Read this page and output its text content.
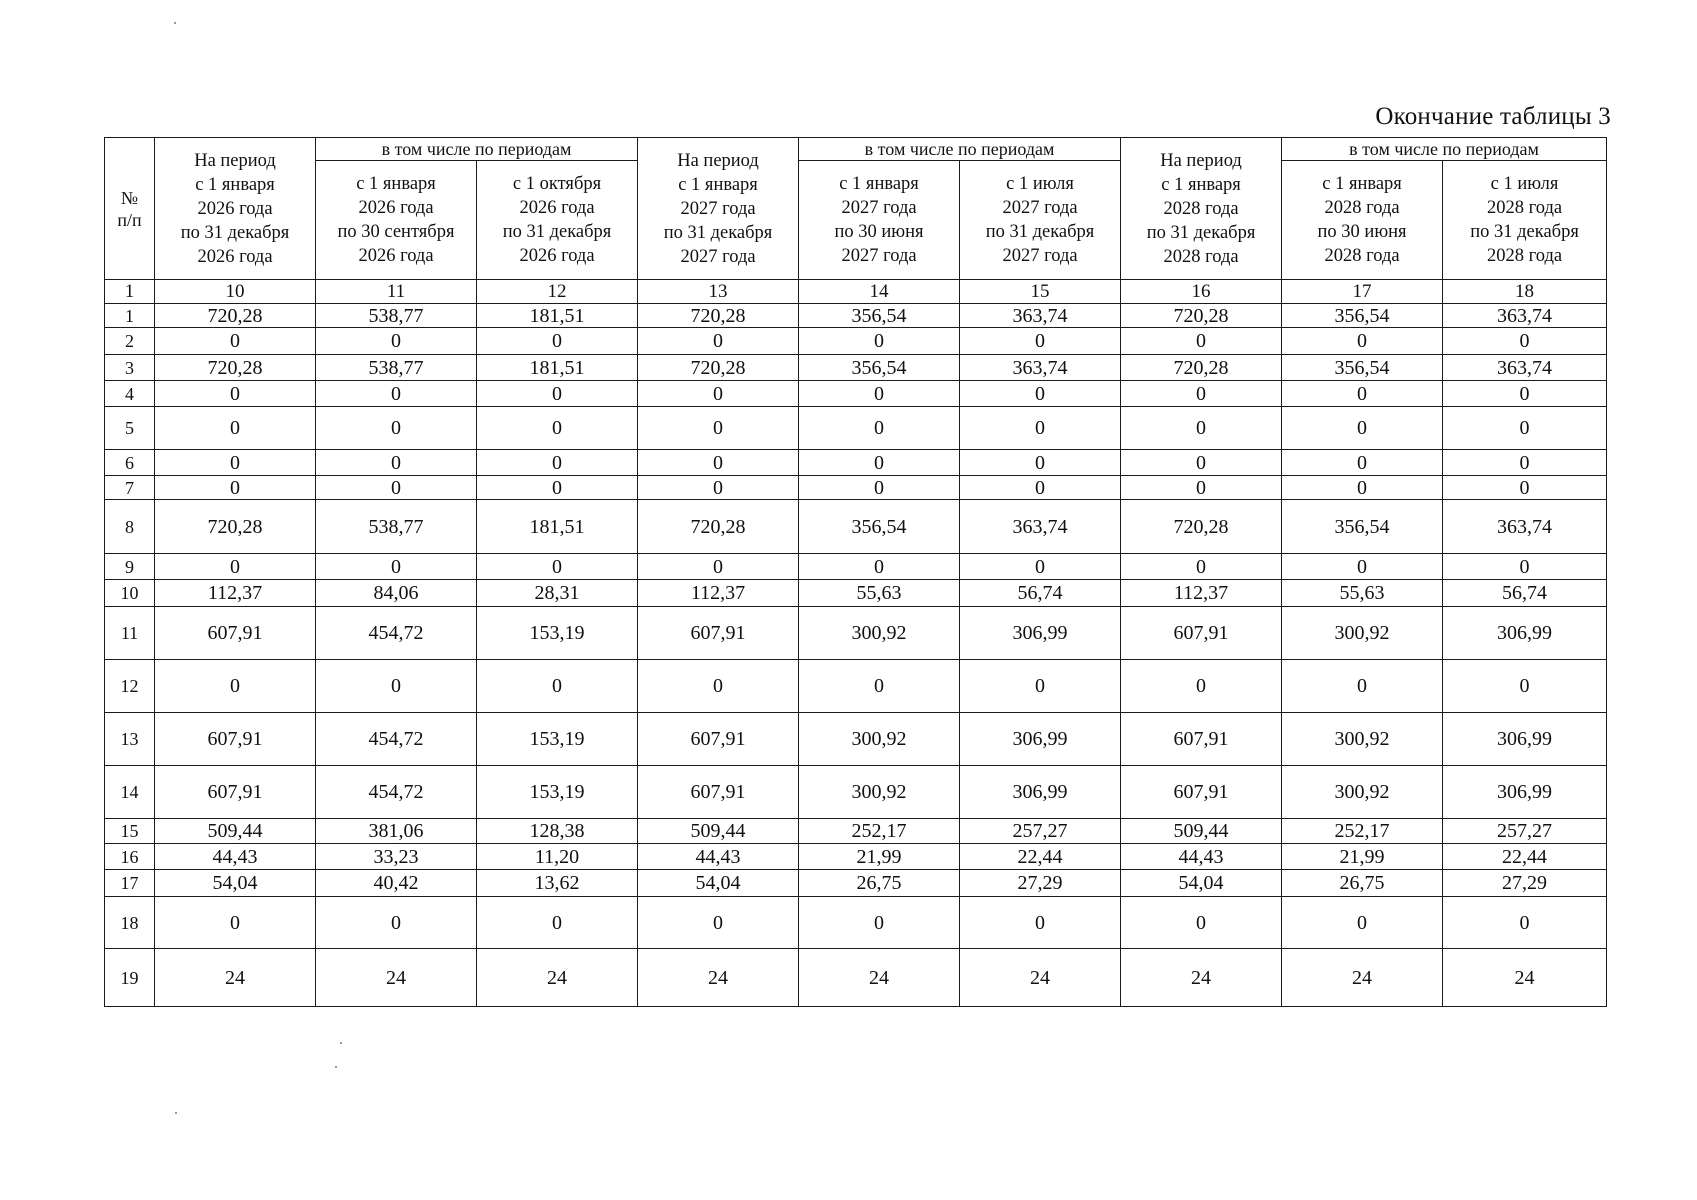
Окончание таблицы 3
№
п/п	На период
с 1 января
2026 года
по 31 декабря
2026 года	в том числе по периодам		На период
с 1 января
2027 года
по 31 декабря
2027 года	в том числе по периодам		На период
с 1 января
2028 года
по 31 декабря
2028 года	в том числе по периодам	
		с 1 января
2026 года
по 30 сентября
2026 года	с 1 октября
2026 года
по 31 декабря
2026 года		с 1 января
2027 года
по 30 июня
2027 года	с 1 июля
2027 года
по 31 декабря
2027 года		с 1 января
2028 года
по 30 июня
2028 года	с 1 июля
2028 года
по 31 декабря
2028 года
1	10	11	12	13	14	15	16	17	18
1	720,28	538,77	181,51	720,28	356,54	363,74	720,28	356,54	363,74
2	0	0	0	0	0	0	0	0	0
3	720,28	538,77	181,51	720,28	356,54	363,74	720,28	356,54	363,74
4	0	0	0	0	0	0	0	0	0
5	0	0	0	0	0	0	0	0	0
6	0	0	0	0	0	0	0	0	0
7	0	0	0	0	0	0	0	0	0
8	720,28	538,77	181,51	720,28	356,54	363,74	720,28	356,54	363,74
9	0	0	0	0	0	0	0	0	0
10	112,37	84,06	28,31	112,37	55,63	56,74	112,37	55,63	56,74
11	607,91	454,72	153,19	607,91	300,92	306,99	607,91	300,92	306,99
12	0	0	0	0	0	0	0	0	0
13	607,91	454,72	153,19	607,91	300,92	306,99	607,91	300,92	306,99
14	607,91	454,72	153,19	607,91	300,92	306,99	607,91	300,92	306,99
15	509,44	381,06	128,38	509,44	252,17	257,27	509,44	252,17	257,27
16	44,43	33,23	11,20	44,43	21,99	22,44	44,43	21,99	22,44
17	54,04	40,42	13,62	54,04	26,75	27,29	54,04	26,75	27,29
18	0	0	0	0	0	0	0	0	0
19	24	24	24	24	24	24	24	24	24
